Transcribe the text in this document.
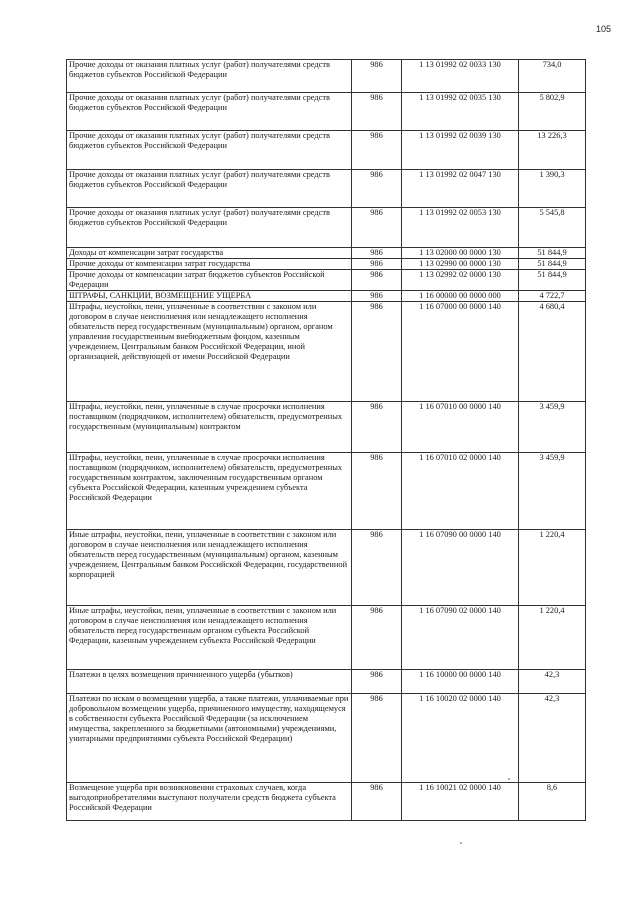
105
Прочие доходы от оказания платных услуг (работ) получателями средств бюджетов субъектов Российской Федерации	986	1 13 01992 02 0033 130	734,0
Прочие доходы от оказания платных услуг (работ) получателями средств бюджетов субъектов Российской Федерации	986	1 13 01992 02 0035 130	5 802,9
Прочие доходы от оказания платных услуг (работ) получателями средств бюджетов субъектов Российской Федерации	986	1 13 01992 02 0039 130	13 226,3
Прочие доходы от оказания платных услуг (работ) получателями средств бюджетов субъектов Российской Федерации	986	1 13 01992 02 0047 130	1 390,3
Прочие доходы от оказания платных услуг (работ) получателями средств бюджетов субъектов Российской Федерации	986	1 13 01992 02 0053 130	5 545,8
Доходы от компенсации затрат государства	986	1 13 02000 00 0000 130	51 844,9
Прочие доходы от компенсации затрат государства	986	1 13 02990 00 0000 130	51 844,9
Прочие доходы от компенсации затрат бюджетов субъектов Российской Федерации	986	1 13 02992 02 0000 130	51 844,9
ШТРАФЫ, САНКЦИИ, ВОЗМЕЩЕНИЕ УЩЕРБА	986	1 16 00000 00 0000 000	4 722,7
Штрафы, неустойки, пени, уплаченные в соответствии с законом или договором в случае неисполнения или ненадлежащего исполнения обязательств перед государственным (муниципальным) органом, органом управления государственным внебюджетным фондом, казенным учреждением, Центральным банком Российской Федерации, иной организацией, действующей от имени Российской Федерации	986	1 16 07000 00 0000 140	4 680,4
Штрафы, неустойки, пени, уплаченные в случае просрочки исполнения поставщиком (подрядчиком, исполнителем) обязательств, предусмотренных государственным (муниципальным) контрактом	986	1 16 07010 00 0000 140	3 459,9
Штрафы, неустойки, пени, уплаченные в случае просрочки исполнения поставщиком (подрядчиком, исполнителем) обязательств, предусмотренных государственным контрактом, заключенным государственным органом субъекта Российской Федерации, казенным учреждением субъекта Российской Федерации	986	1 16 07010 02 0000 140	3 459,9
Иные штрафы, неустойки, пени, уплаченные в соответствии с законом или договором в случае неисполнения или ненадлежащего исполнения обязательств перед государственным (муниципальным) органом, казенным учреждением, Центральным банком Российской Федерации, государственной корпорацией	986	1 16 07090 00 0000 140	1 220,4
Иные штрафы, неустойки, пени, уплаченные в соответствии с законом или договором в случае неисполнения или ненадлежащего исполнения обязательств перед государственным органом субъекта Российской Федерации, казенным учреждением субъекта Российской Федерации	986	1 16 07090 02 0000 140	1 220,4
Платежи в целях возмещения причиненного ущерба (убытков)	986	1 16 10000 00 0000 140	42,3
Платежи по искам о возмещении ущерба, а также платежи, уплачиваемые при добровольном возмещении ущерба, причиненного имуществу, находящемуся в собственности субъекта Российской Федерации (за исключением имущества, закрепленного за бюджетными (автономными) учреждениями, унитарными предприятиями субъекта Российской Федерации)	986	1 16 10020 02 0000 140	42,3
Возмещение ущерба при возникновении страховых случаев, когда выгодоприобретателями выступают получатели средств бюджета субъекта Российской Федерации	986	1 16 10021 02 0000 140	8,6
